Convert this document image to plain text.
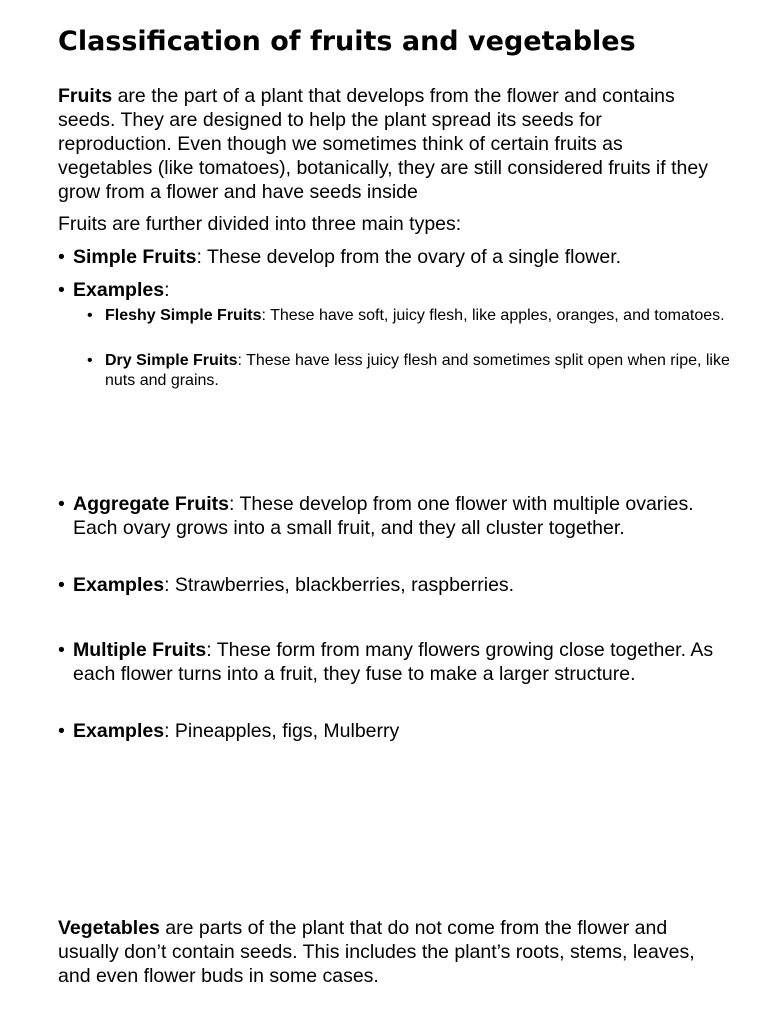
Classification of fruits and vegetables

Fruits are the part of a plant that develops from the flower and contains seeds. They are designed to help the plant spread its seeds for reproduction. Even though we sometimes think of certain fruits as vegetables (like tomatoes), botanically, they are still considered fruits if they grow from a flower and have seeds inside

Fruits are further divided into three main types:

• Simple Fruits: These develop from the ovary of a single flower.

• Examples:

• Fleshy Simple Fruits: These have soft, juicy flesh, like apples, oranges, and tomatoes.

• Dry Simple Fruits: These have less juicy flesh and sometimes split open when ripe, like nuts and grains.

• Aggregate Fruits: These develop from one flower with multiple ovaries. Each ovary grows into a small fruit, and they all cluster together.

• Examples: Strawberries, blackberries, raspberries.

• Multiple Fruits: These form from many flowers growing close together. As each flower turns into a fruit, they fuse to make a larger structure.

• Examples: Pineapples, figs, Mulberry

Vegetables are parts of the plant that do not come from the flower and usually don’t contain seeds. This includes the plant’s roots, stems, leaves, and even flower buds in some cases.
